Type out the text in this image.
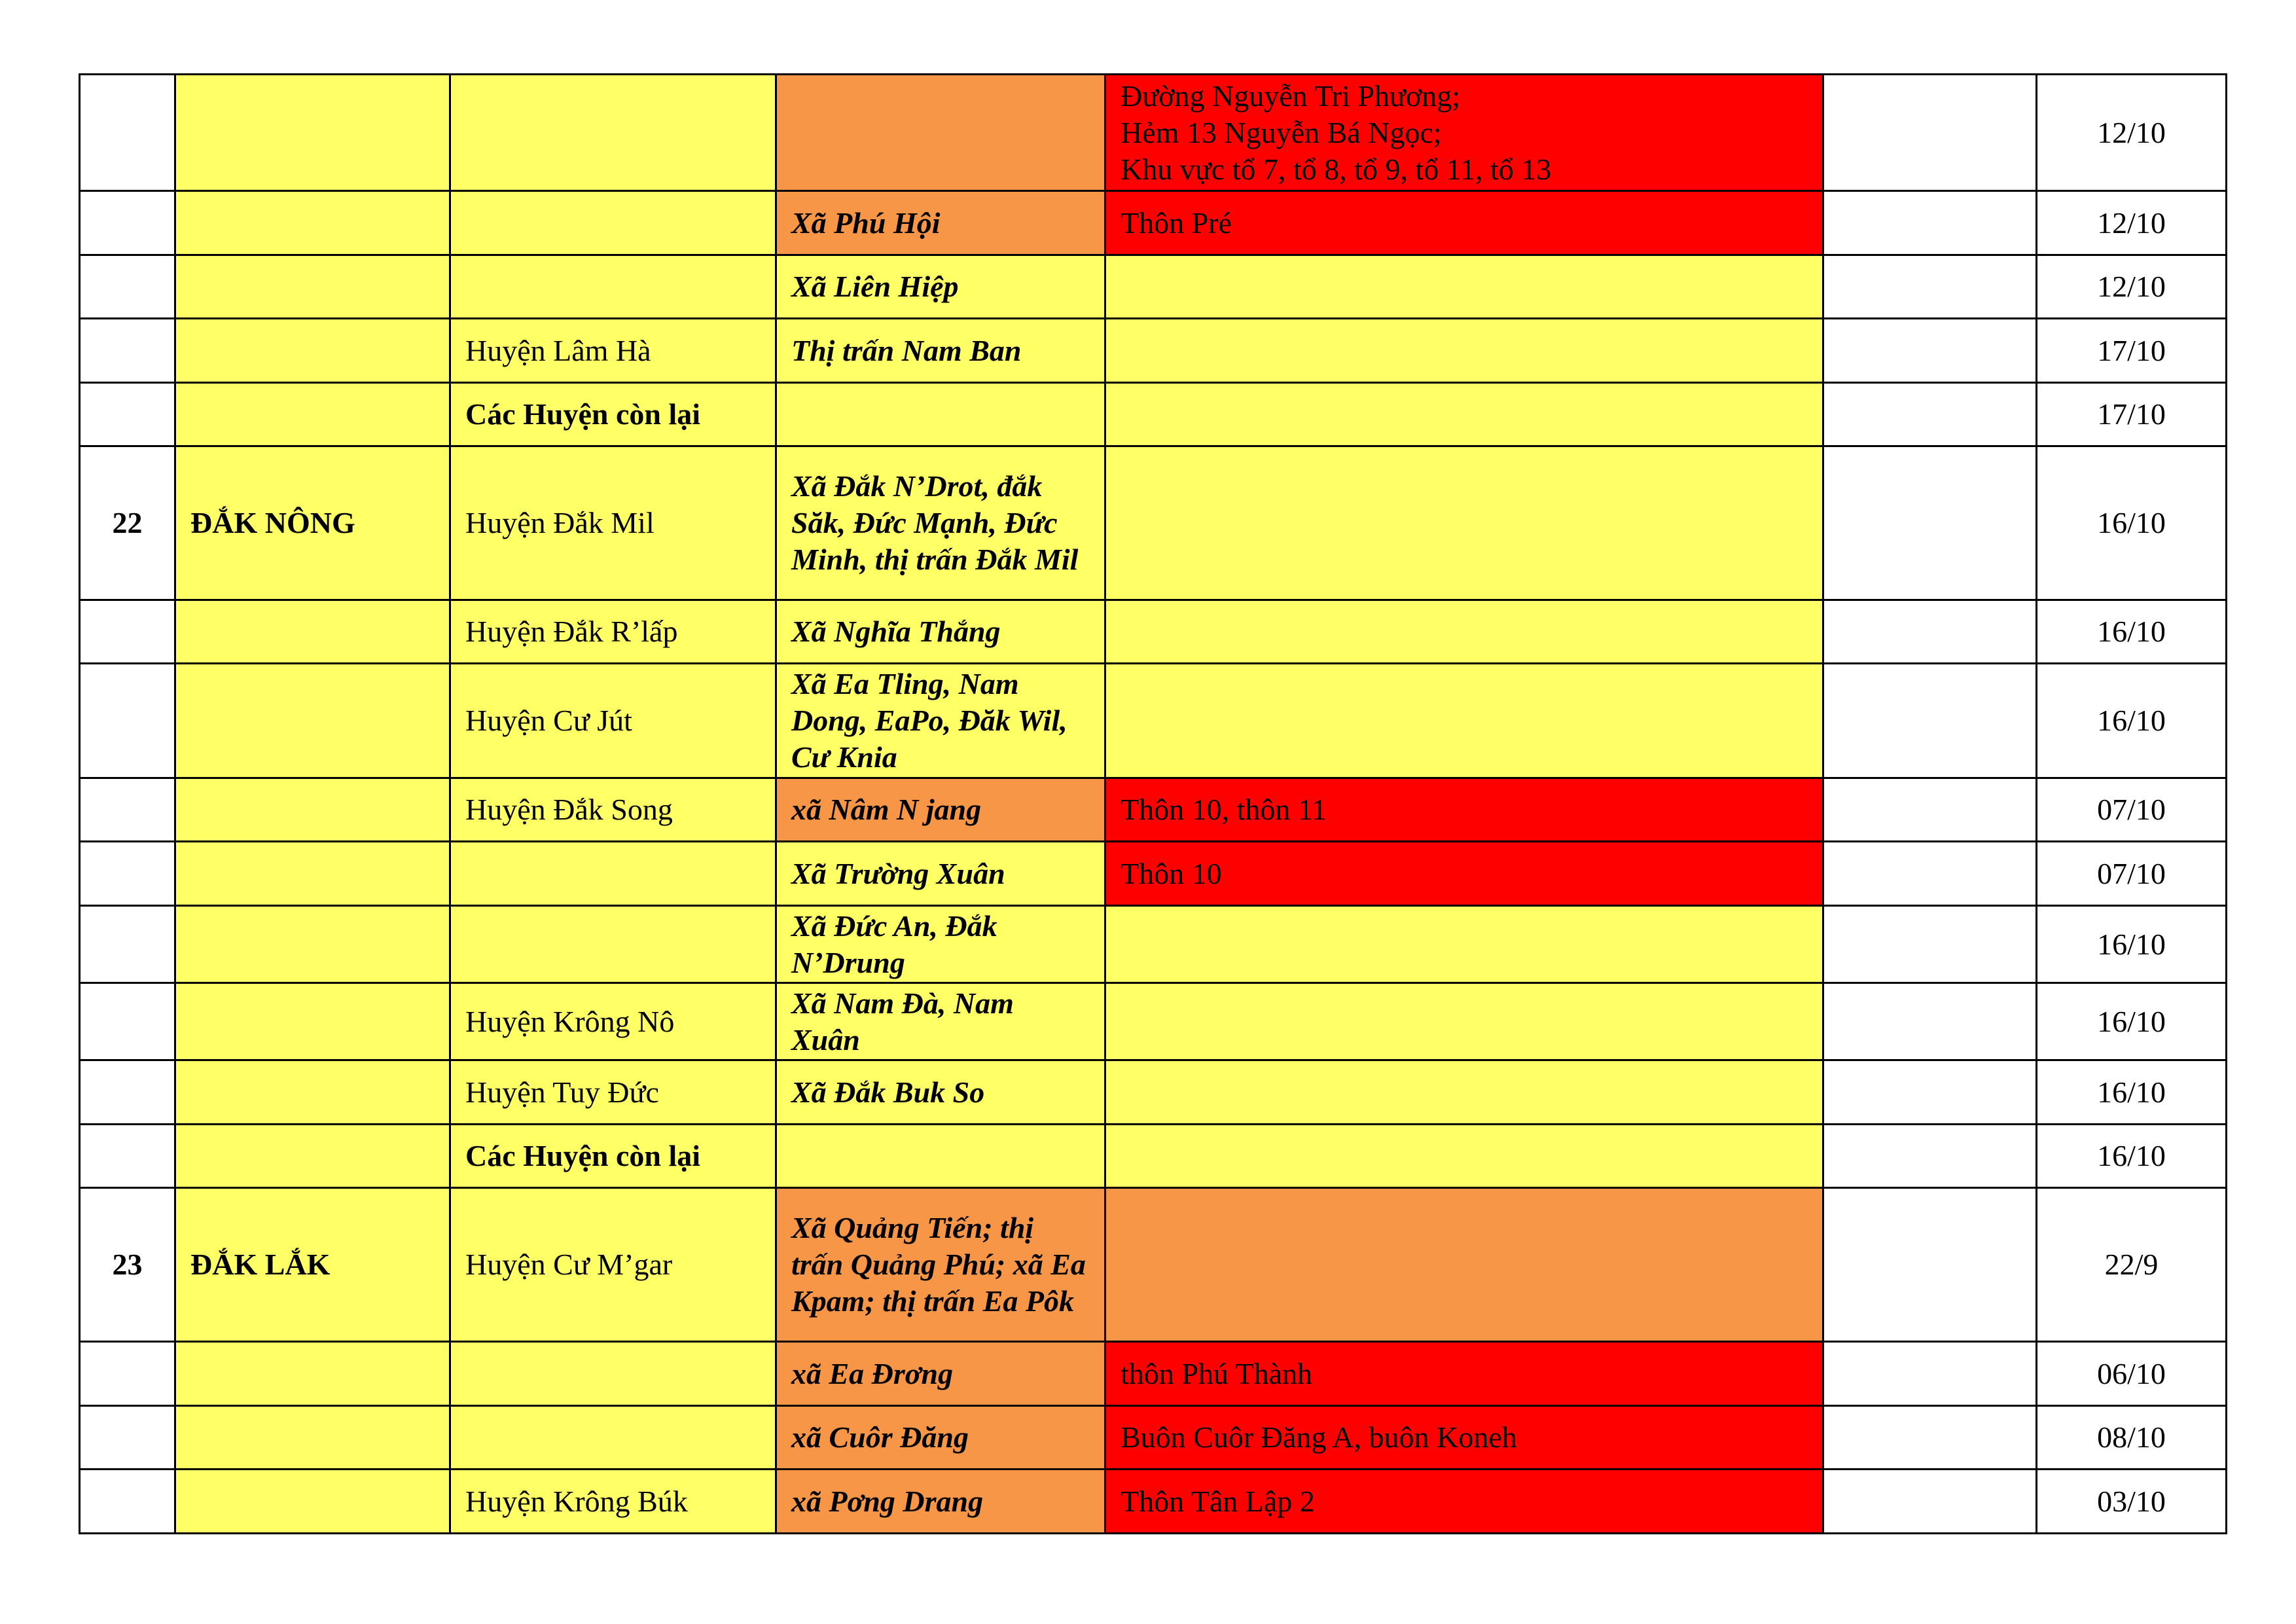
				Đường Nguyễn Tri Phương;
Hẻm 13 Nguyễn Bá Ngọc;
Khu vực tổ 7, tổ 8, tổ 9, tổ 11, tổ 13		12/10
			Xã Phú Hội	Thôn Pré		12/10
			Xã Liên Hiệp			12/10
		Huyện Lâm Hà	Thị trấn Nam Ban			17/10
		Các Huyện còn lại				17/10
22	ĐẮK NÔNG	Huyện Đắk Mil	Xã Đắk N’Drot, đắk Săk, Đức Mạnh, Đức Minh, thị trấn Đắk Mil			16/10
		Huyện Đắk R’lấp	Xã Nghĩa Thắng			16/10
		Huyện Cư Jút	Xã Ea Tling, Nam Dong, EaPo, Đăk Wil, Cư Knia			16/10
		Huyện Đắk Song	xã Nâm N jang	Thôn 10, thôn 11		07/10
			Xã Trường Xuân	Thôn 10		07/10
			Xã Đức An, Đắk N’Drung			16/10
		Huyện Krông Nô	Xã Nam Đà, Nam Xuân			16/10
		Huyện Tuy Đức	Xã Đắk Buk So			16/10
		Các Huyện còn lại				16/10
23	ĐẮK LẮK	Huyện Cư M’gar	Xã Quảng Tiến; thị trấn Quảng Phú; xã Ea Kpam; thị trấn Ea Pôk			22/9
			xã Ea Đrơng	thôn Phú Thành		06/10
			xã Cuôr Đăng	Buôn Cuôr Đăng A, buôn Koneh		08/10
		Huyện Krông Búk	xã Pơng Drang	Thôn Tân Lập 2		03/10
